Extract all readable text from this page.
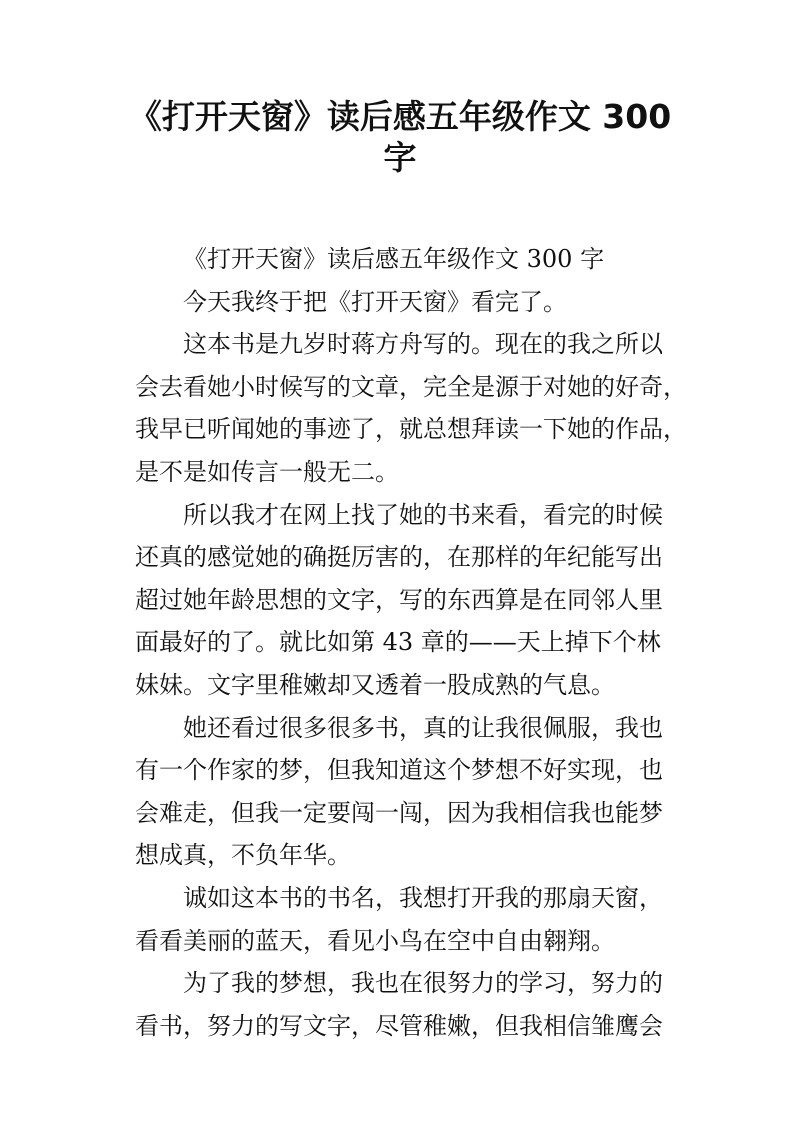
《打开天窗》读后感五年级作文 300
字
《打开天窗》读后感五年级作文 300 字
今天我终于把《打开天窗》看完了。
这本书是九岁时蒋方舟写的。现在的我之所以
会去看她小时候写的文章，完全是源于对她的好奇，
我早已听闻她的事迹了，就总想拜读一下她的作品，
是不是如传言一般无二。
所以我才在网上找了她的书来看，看完的时候
还真的感觉她的确挺厉害的，在那样的年纪能写出
超过她年龄思想的文字，写的东西算是在同邻人里
面最好的了。就比如第 43 章的——天上掉下个林
妹妹。文字里稚嫩却又透着一股成熟的气息。
她还看过很多很多书，真的让我很佩服，我也
有一个作家的梦，但我知道这个梦想不好实现，也
会难走，但我一定要闯一闯，因为我相信我也能梦
想成真，不负年华。
诚如这本书的书名，我想打开我的那扇天窗，
看看美丽的蓝天，看见小鸟在空中自由翱翔。
为了我的梦想，我也在很努力的学习，努力的
看书，努力的写文字，尽管稚嫩，但我相信雏鹰会
